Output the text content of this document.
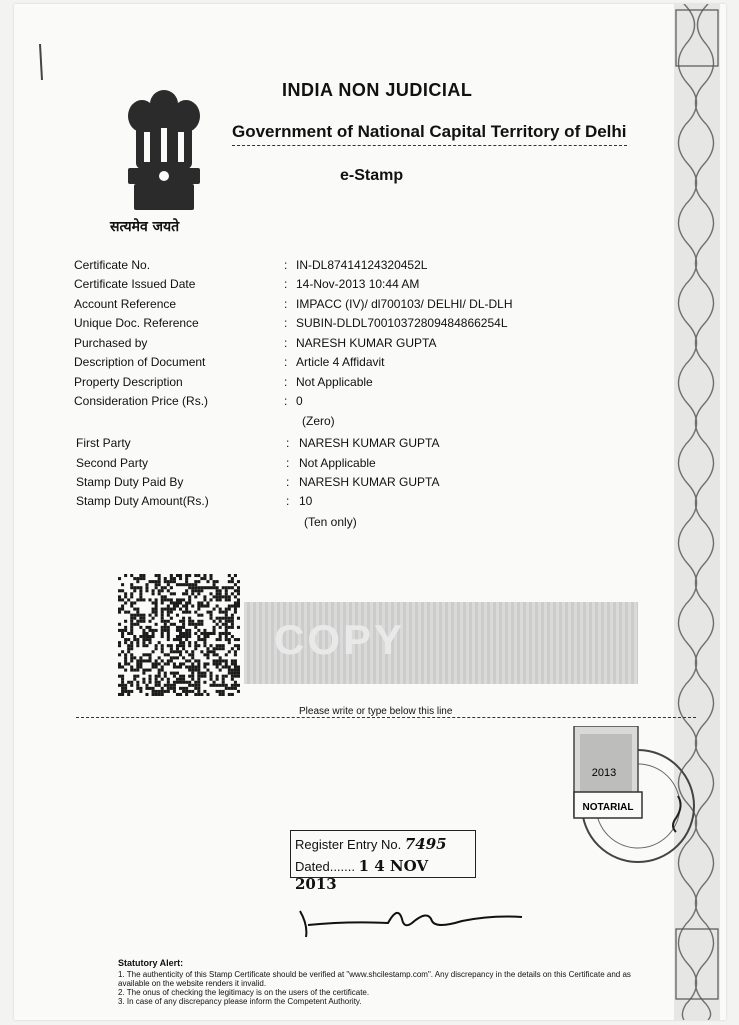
सत्यमेव जयते
INDIA NON JUDICIAL
Government of National Capital Territory of Delhi
e-Stamp
Certificate No.	: IN-DL87414124320452L
Certificate Issued Date	: 14-Nov-2013 10:44 AM
Account Reference	: IMPACC (IV)/ dl700103/ DELHI/ DL-DLH
Unique Doc. Reference	: SUBIN-DLDL70010372809484866254L
Purchased by	: NARESH KUMAR GUPTA
Description of Document	: Article 4 Affidavit
Property Description	: Not Applicable
Consideration Price (Rs.)	: 0
(Zero)
First Party	: NARESH KUMAR GUPTA
Second Party	: Not Applicable
Stamp Duty Paid By	: NARESH KUMAR GUPTA
Stamp Duty Amount(Rs.)	: 10
(Ten only)
COPY
Please write or type below this line
NOTARIAL
2013
Register Entry No. 7495
Dated....... 1 4 NOV 2013
Statutory Alert:
1. The authenticity of this Stamp Certificate should be verified at "www.shcilestamp.com". Any discrepancy in the details on this Certificate and as available on the website renders it invalid.
2. The onus of checking the legitimacy is on the users of the certificate.
3. In case of any discrepancy please inform the Competent Authority.
